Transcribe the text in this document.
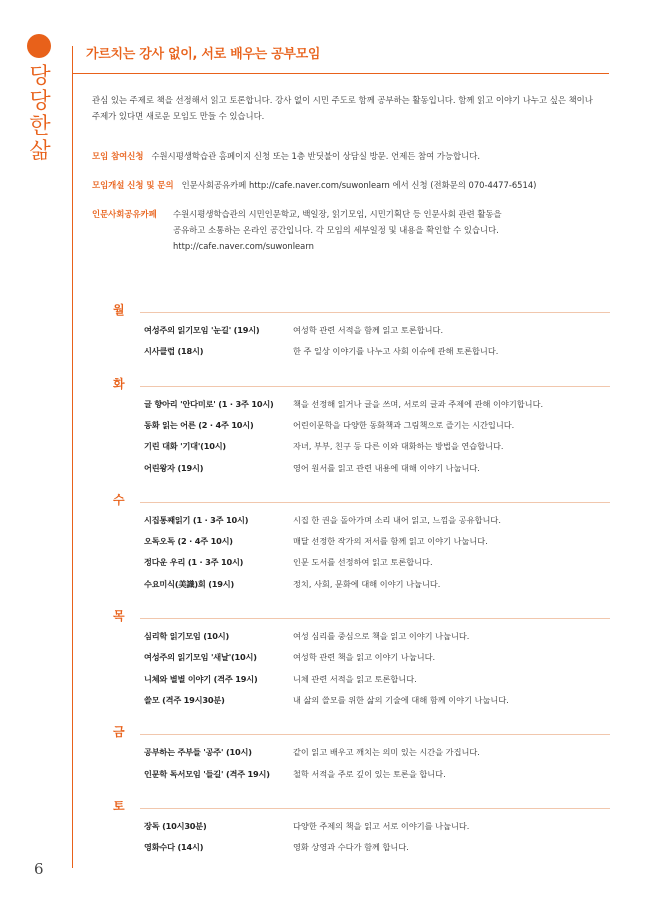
당
당
한
삶
6
가르치는 강사 없이, 서로 배우는 공부모임
관심 있는 주제로 책을 선정해서 읽고 토론합니다. 강사 없이 시민 주도로 함께 공부하는 활동입니다. 함께 읽고 이야기 나누고 싶은 책이나 주제가 있다면 새로운 모임도 만들 수 있습니다.
모임 참여신청 수원시평생학습관 홈페이지 신청 또는 1층 반딧불이 상담실 방문. 언제든 참여 가능합니다.
모임개설 신청 및 문의 인문사회공유카페 http://cafe.naver.com/suwonlearn 에서 신청 (전화문의 070-4477-6514)
인문사회공유카페 수원시평생학습관의 시민인문학교, 백일장, 읽기모임, 시민기획단 등 인문사회 관련 활동을
공유하고 소통하는 온라인 공간입니다. 각 모임의 세부일정 및 내용을 확인할 수 있습니다.
http://cafe.naver.com/suwonlearn
월
여성주의 읽기모임 '눈길' (19시)	여성학 관련 서적을 함께 읽고 토론합니다.
시사클럽 (18시)	한 주 일상 이야기를 나누고 사회 이슈에 관해 토론합니다.
화
글 향아리 '안다미로' (1 · 3주 10시) 책을 선정해 읽거나 글을 쓰며, 서로의 글과 주제에 관해 이야기합니다.
동화 읽는 어른 (2 · 4주 10시)	어린이문학을 다양한 동화책과 그림책으로 즐기는 시간입니다.
기린 대화 '기대'(10시)	자녀, 부부, 친구 등 다른 이와 대화하는 방법을 연습합니다.
어린왕자 (19시)	영어 원서를 읽고 관련 내용에 대해 이야기 나눕니다.
수
시집통째읽기 (1 · 3주 10시)	시집 한 권을 돌아가며 소리 내어 읽고, 느낌을 공유합니다.
오독오독 (2 · 4주 10시)	매달 선정한 작가의 저서를 함께 읽고 이야기 나눕니다.
정다운 우리 (1 · 3주 10시)	인문 도서를 선정하여 읽고 토론합니다.
수요미식(美識)회 (19시)	정치, 사회, 문화에 대해 이야기 나눕니다.
목
심리학 읽기모임 (10시)	여성 심리를 중심으로 책을 읽고 이야기 나눕니다.
여성주의 읽기모임 '새날'(10시)	여성학 관련 책을 읽고 이야기 나눕니다.
니체와 별별 이야기 (격주 19시)	니체 관련 서적을 읽고 토론합니다.
쓸모 (격주 19시30분)	내 삶의 쓸모를 위한 삶의 기술에 대해 함께 이야기 나눕니다.
금
공부하는 주부들 '공주' (10시)	같이 읽고 배우고 깨치는 의미 있는 시간을 가집니다.
인문학 독서모임 '들길' (격주 19시)	철학 서적을 주로 깊이 있는 토론을 합니다.
토
장독 (10시30분)	다양한 주제의 책을 읽고 서로 이야기를 나눕니다.
영화수다 (14시)	영화 상영과 수다가 함께 합니다.
